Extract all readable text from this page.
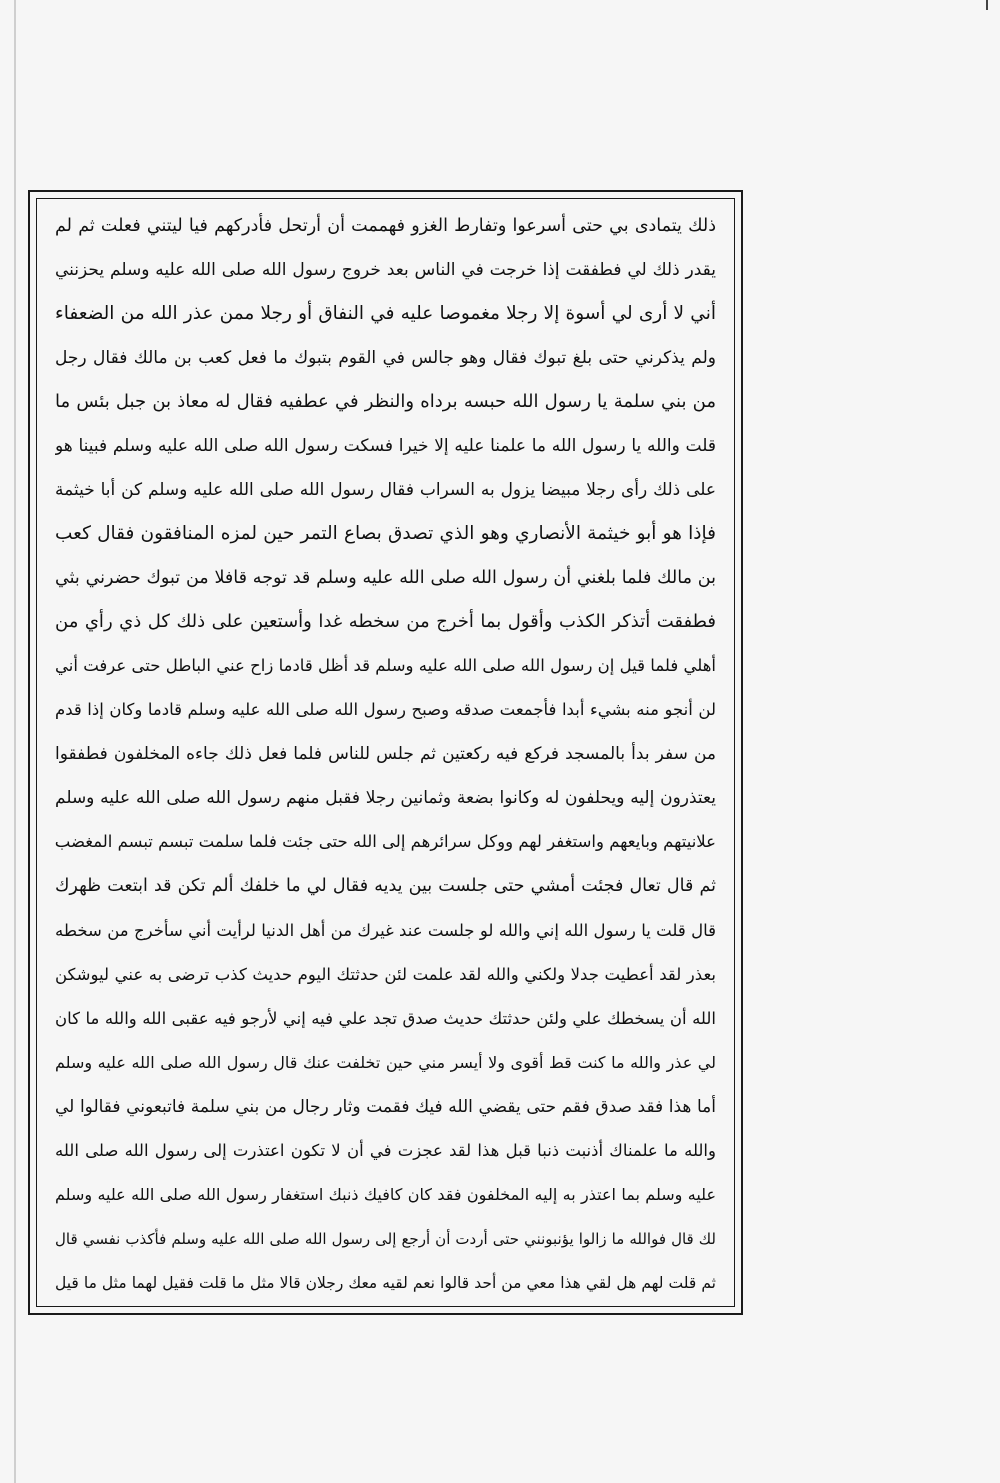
ذلك يتمادى بي حتى أسرعوا وتفارط الغزو فهممت أن أرتحل فأدركهم فيا ليتني فعلت ثم لم
يقدر ذلك لي فطفقت إذا خرجت في الناس بعد خروج رسول الله صلى الله عليه وسلم يحزنني
أني لا أرى لي أسوة إلا رجلا مغموصا عليه في النفاق أو رجلا ممن عذر الله من الضعفاء
ولم يذكرني حتى بلغ تبوك فقال وهو جالس في القوم بتبوك ما فعل كعب بن مالك فقال رجل
من بني سلمة يا رسول الله حبسه برداه والنظر في عطفيه فقال له معاذ بن جبل بئس ما
قلت والله يا رسول الله ما علمنا عليه إلا خيرا فسكت رسول الله صلى الله عليه وسلم فبينا هو
على ذلك رأى رجلا مبيضا يزول به السراب فقال رسول الله صلى الله عليه وسلم كن أبا خيثمة
فإذا هو أبو خيثمة الأنصاري وهو الذي تصدق بصاع التمر حين لمزه المنافقون فقال كعب
بن مالك فلما بلغني أن رسول الله صلى الله عليه وسلم قد توجه قافلا من تبوك حضرني بثي
فطفقت أتذكر الكذب وأقول بما أخرج من سخطه غدا وأستعين على ذلك كل ذي رأي من
أهلي فلما قيل إن رسول الله صلى الله عليه وسلم قد أظل قادما زاح عني الباطل حتى عرفت أني
لن أنجو منه بشيء أبدا فأجمعت صدقه وصبح رسول الله صلى الله عليه وسلم قادما وكان إذا قدم
من سفر بدأ بالمسجد فركع فيه ركعتين ثم جلس للناس فلما فعل ذلك جاءه المخلفون فطفقوا
يعتذرون إليه ويحلفون له وكانوا بضعة وثمانين رجلا فقبل منهم رسول الله صلى الله عليه وسلم
علانيتهم وبايعهم واستغفر لهم ووكل سرائرهم إلى الله حتى جئت فلما سلمت تبسم تبسم المغضب
ثم قال تعال فجئت أمشي حتى جلست بين يديه فقال لي ما خلفك ألم تكن قد ابتعت ظهرك
قال قلت يا رسول الله إني والله لو جلست عند غيرك من أهل الدنيا لرأيت أني سأخرج من سخطه
بعذر لقد أعطيت جدلا ولكني والله لقد علمت لئن حدثتك اليوم حديث كذب ترضى به عني ليوشكن
الله أن يسخطك علي ولئن حدثتك حديث صدق تجد علي فيه إني لأرجو فيه عقبى الله والله ما كان
لي عذر والله ما كنت قط أقوى ولا أيسر مني حين تخلفت عنك قال رسول الله صلى الله عليه وسلم
أما هذا فقد صدق فقم حتى يقضي الله فيك فقمت وثار رجال من بني سلمة فاتبعوني فقالوا لي
والله ما علمناك أذنبت ذنبا قبل هذا لقد عجزت في أن لا تكون اعتذرت إلى رسول الله صلى الله
عليه وسلم بما اعتذر به إليه المخلفون فقد كان كافيك ذنبك استغفار رسول الله صلى الله عليه وسلم
لك قال فوالله ما زالوا يؤنبونني حتى أردت أن أرجع إلى رسول الله صلى الله عليه وسلم فأكذب نفسي قال
ثم قلت لهم هل لقي هذا معي من أحد قالوا نعم لقيه معك رجلان قالا مثل ما قلت فقيل لهما مثل ما قيل
